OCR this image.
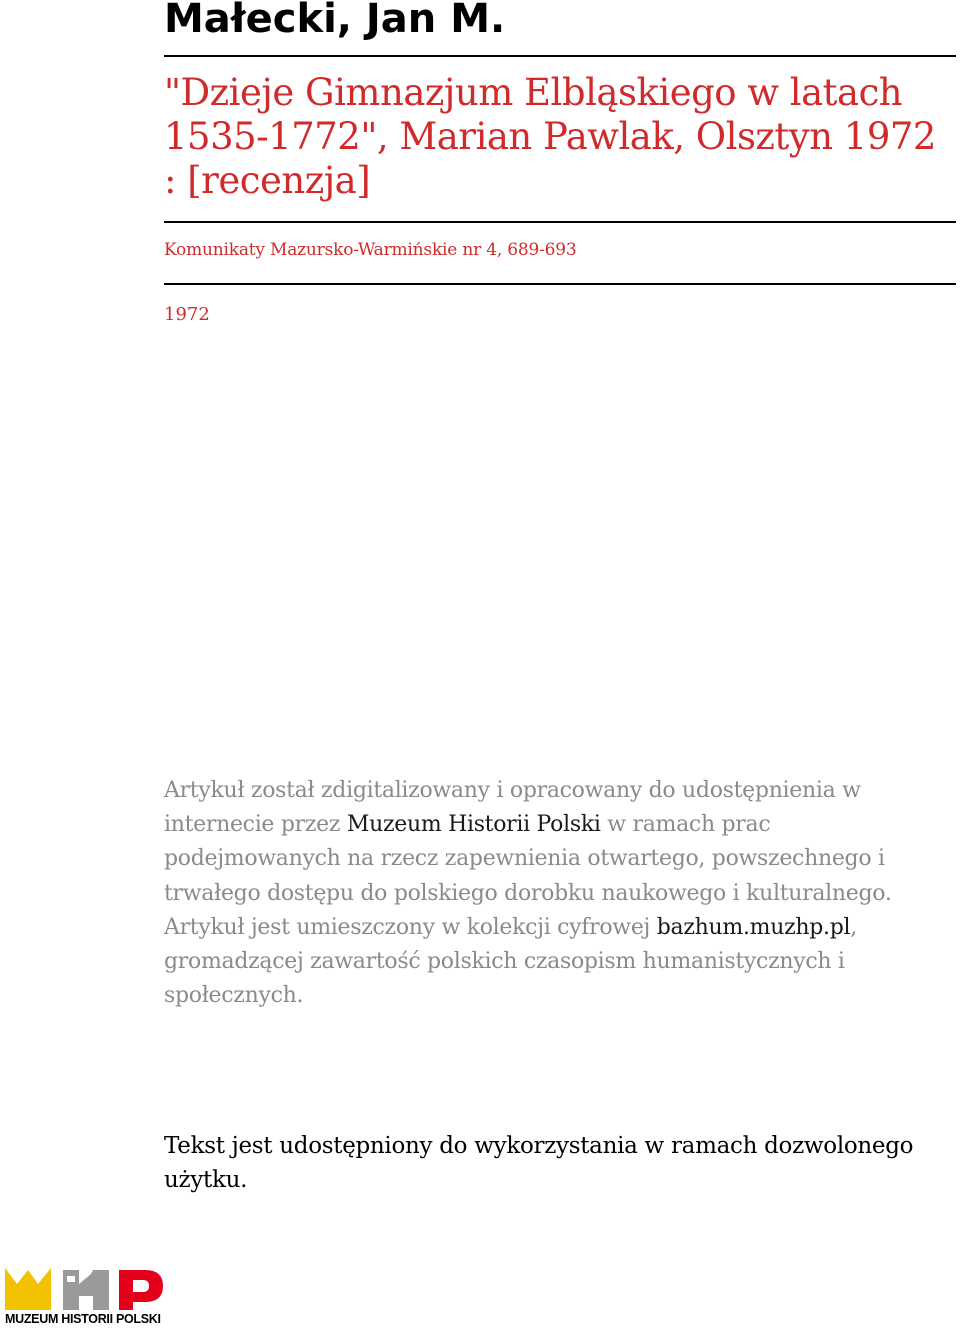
Małecki, Jan M.
"Dzieje Gimnazjum Elbląskiego w latach 1535-1772", Marian Pawlak, Olsztyn 1972 : [recenzja]

Komunikaty Mazursko-Warmińskie nr 4, 689-693

1972

Artykuł został zdigitalizowany i opracowany do udostępnienia w internecie przez Muzeum Historii Polski w ramach prac podejmowanych na rzecz zapewnienia otwartego, powszechnego i trwałego dostępu do polskiego dorobku naukowego i kulturalnego. Artykuł jest umieszczony w kolekcji cyfrowej bazhum.muzhp.pl, gromadzącej zawartość polskich czasopism humanistycznych i społecznych.

Tekst jest udostępniony do wykorzystania w ramach dozwolonego użytku.

MUZEUM HISTORII POLSKI
